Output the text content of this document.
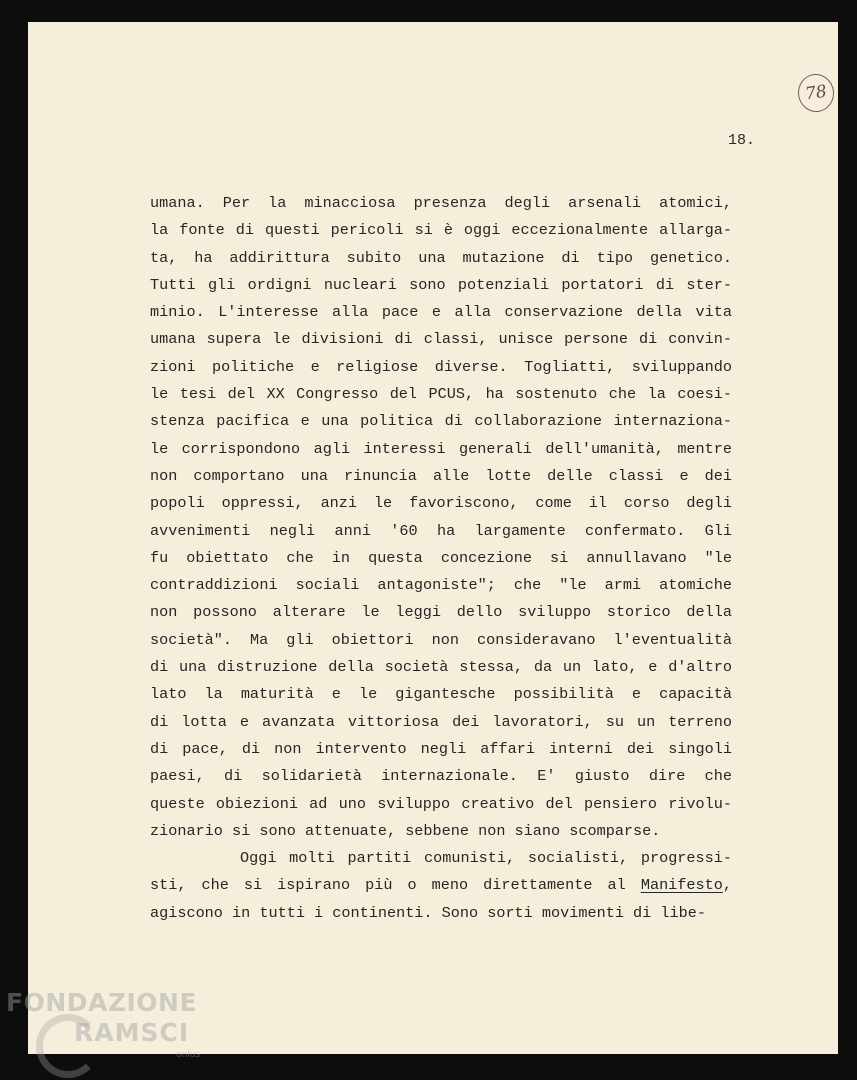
78
18.
umana. Per la minacciosa presenza degli arsenali atomici,
la fonte di questi pericoli si è oggi eccezionalmente allarga-
ta, ha addirittura subito una mutazione di tipo genetico.
Tutti gli ordigni nucleari sono potenziali portatori di ster-
minio. L'interesse alla pace e alla conservazione della vita
umana supera le divisioni di classi, unisce persone di convin-
zioni politiche e religiose diverse. Togliatti, sviluppando
le tesi del XX Congresso del PCUS, ha sostenuto che la coesi-
stenza pacifica e una politica di collaborazione internaziona-
le corrispondono agli interessi generali dell'umanità, mentre
non comportano una rinuncia alle lotte delle classi e dei
popoli oppressi, anzi le favoriscono, come il corso degli
avvenimenti negli anni '60 ha largamente confermato. Gli
fu obiettato che in questa concezione si annullavano "le
contraddizioni sociali antagoniste"; che "le armi atomiche
non possono alterare le leggi dello sviluppo storico della
società". Ma gli obiettori non consideravano l'eventualità
di una distruzione della società stessa, da un lato, e d'altro
lato la maturità e le gigantesche possibilità e capacità
di lotta e avanzata vittoriosa dei lavoratori, su un terreno
di pace, di non intervento negli affari interni dei singoli
paesi, di solidarietà internazionale. E' giusto dire che
queste obiezioni ad uno sviluppo creativo del pensiero rivolu-
zionario si sono attenuate, sebbene non siano scomparse.
Oggi molti partiti comunisti, socialisti, progressi-
sti, che si ispirano più o meno direttamente al Manifesto,
agiscono in tutti i continenti. Sono sorti movimenti di libe-
FONDAZIONE
RAMSCI
onlus
